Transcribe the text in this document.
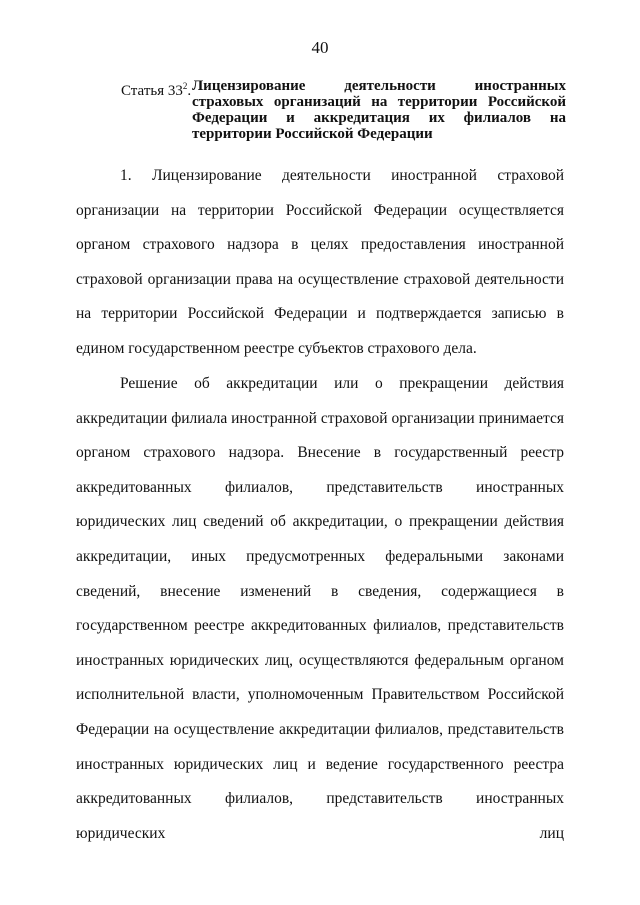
40
Статья $33^2$. Лицензирование деятельности иностранных страховых организаций на территории Российской Федерации и аккредитация их филиалов на территории Российской Федерации

1. Лицензирование деятельности иностранной страховой организации на территории Российской Федерации осуществляется органом страхового надзора в целях предоставления иностранной страховой организации права на осуществление страховой деятельности на территории Российской Федерации и подтверждается записью в едином государственном реестре субъектов страхового дела.

Решение об аккредитации или о прекращении действия аккредитации филиала иностранной страховой организации принимается органом страхового надзора. Внесение в государственный реестр аккредитованных филиалов, представительств иностранных юридических лиц сведений об аккредитации, о прекращении действия аккредитации, иных предусмотренных федеральными законами сведений, внесение изменений в сведения, содержащиеся в государственном реестре аккредитованных филиалов, представительств иностранных юридических лиц, осуществляются федеральным органом исполнительной власти, уполномоченным Правительством Российской Федерации на осуществление аккредитации филиалов, представительств иностранных юридических лиц и ведение государственного реестра аккредитованных филиалов, представительств иностранных юридических лиц
